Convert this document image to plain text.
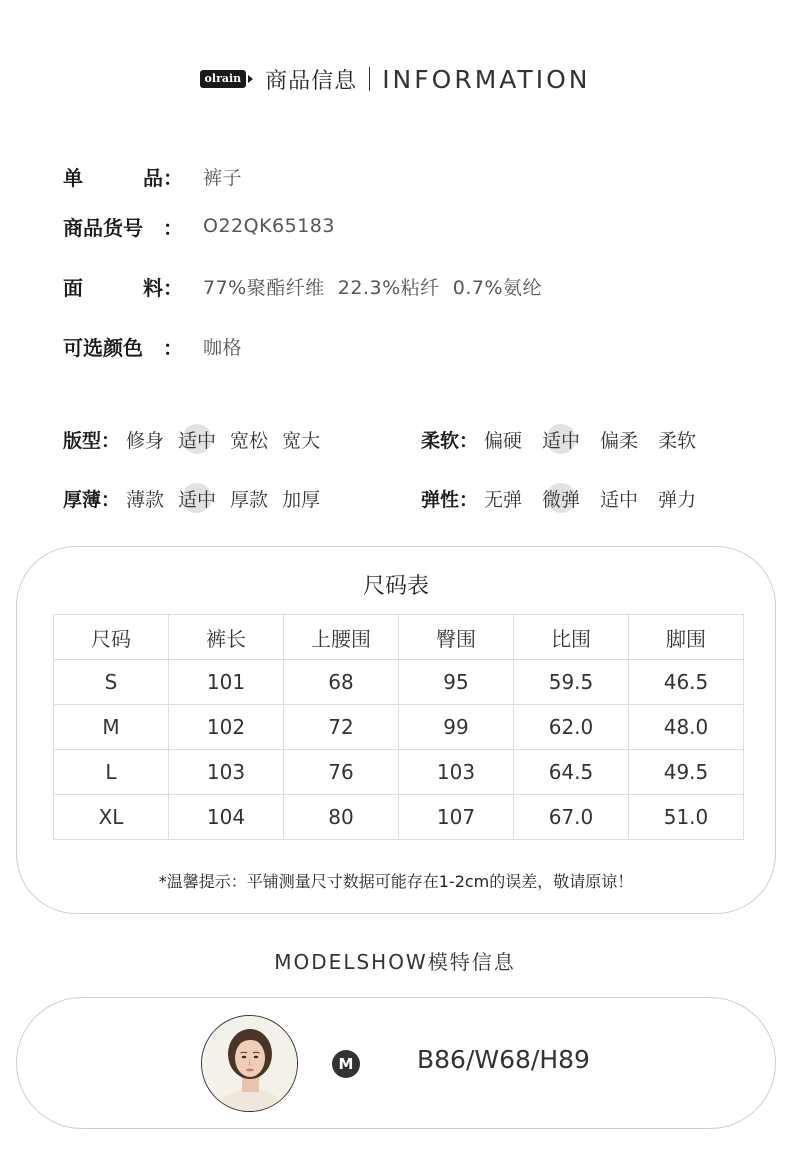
olrain 商品信息 INFORMATION
单	品 ： 裤子
商品货号 ： O22QK65183
面	料 ： 77%聚酯纤维  22.3%粘纤  0.7%氨纶
可选颜色 ： 咖格
版型： 修身 适中 宽松 宽大
厚薄： 薄款 适中 厚款 加厚
柔软： 偏硬 适中 偏柔 柔软
弹性： 无弹 微弹 适中 弹力
尺码表
尺码	裤长	上腰围	臀围	比围	脚围
S	101	68	95	59.5	46.5
M	102	72	99	62.0	48.0
L	103	76	103	64.5	49.5
XL	104	80	107	67.0	51.0
*温馨提示：平铺测量尺寸数据可能存在1-2cm的误差，敬请原谅！
MODELSHOW模特信息
M	B86/W68/H89
